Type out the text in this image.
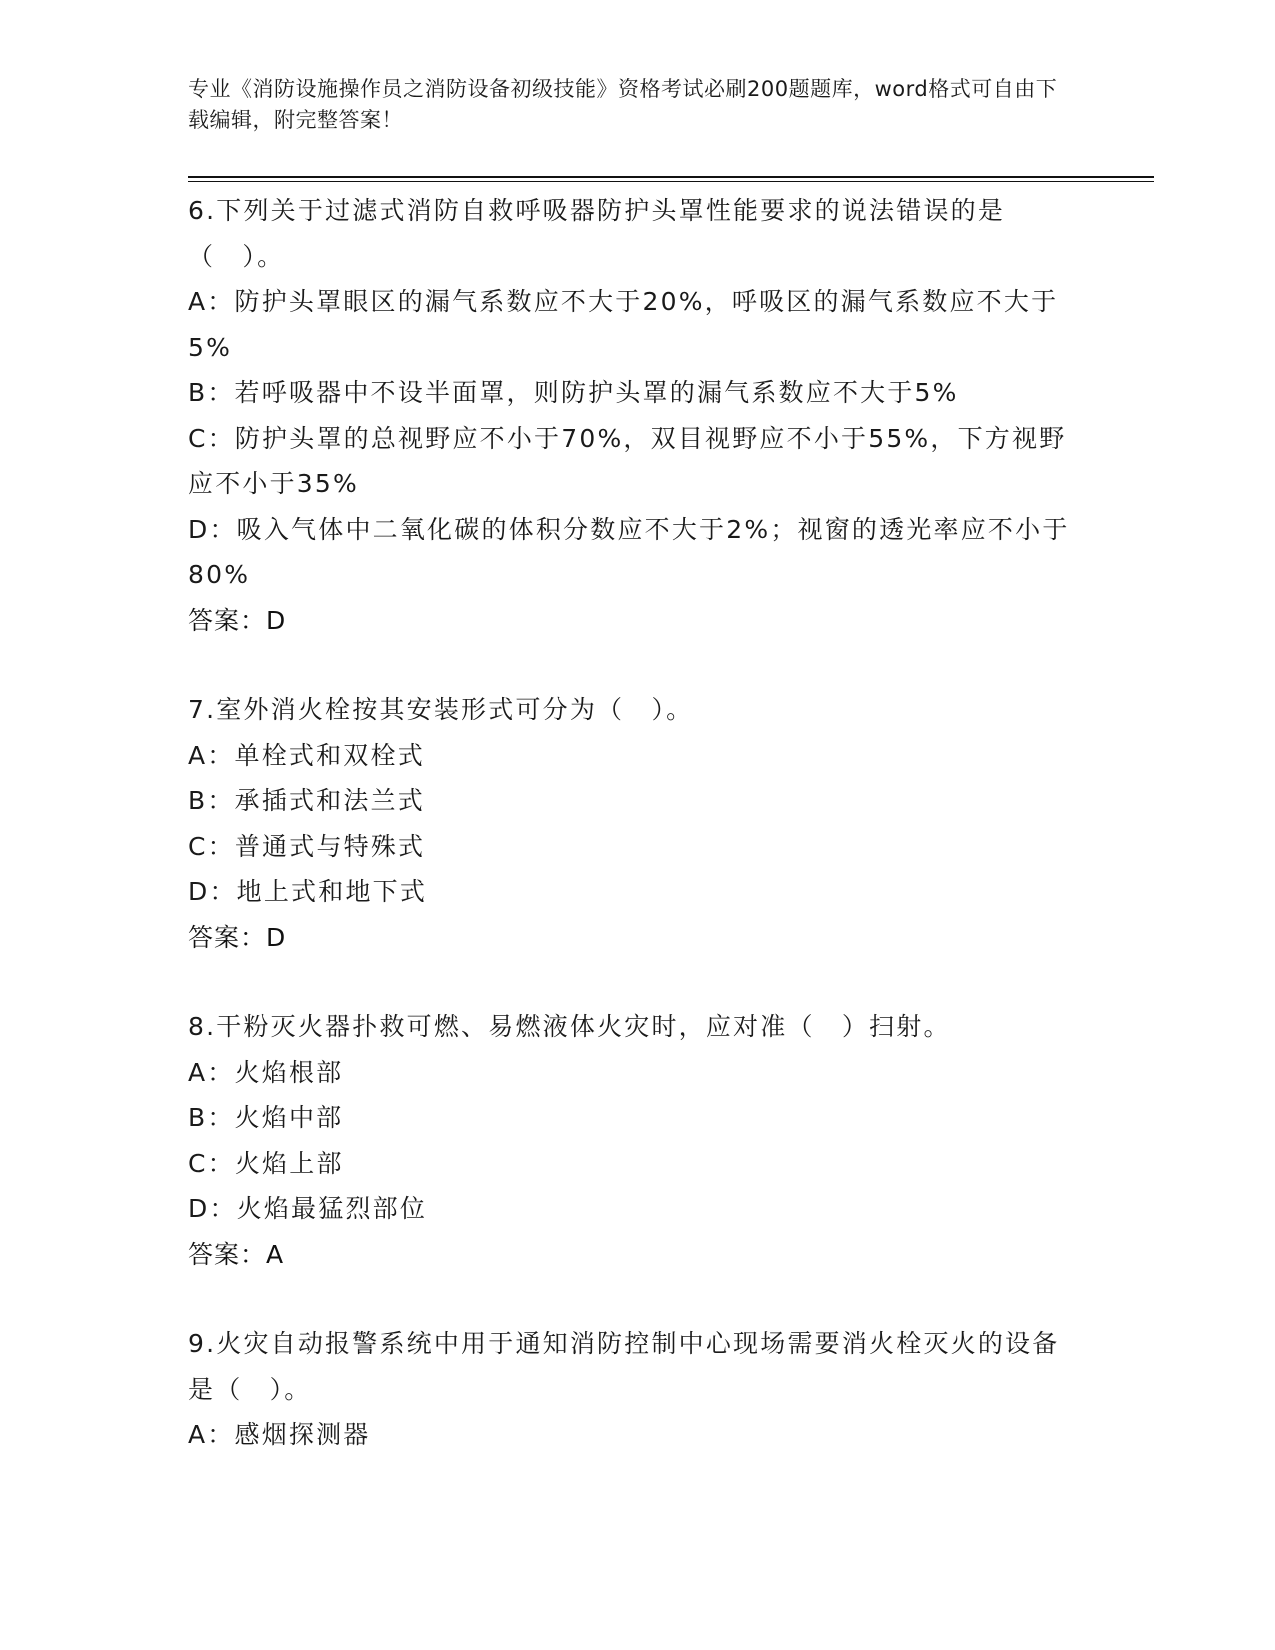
专业《消防设施操作员之消防设备初级技能》资格考试必刷200题题库，word格式可自由下载编辑，附完整答案！

6.下列关于过滤式消防自救呼吸器防护头罩性能要求的说法错误的是（　）。

A：防护头罩眼区的漏气系数应不大于20%，呼吸区的漏气系数应不大于5%

B：若呼吸器中不设半面罩，则防护头罩的漏气系数应不大于5%

C：防护头罩的总视野应不小于70%，双目视野应不小于55%，下方视野应不小于35%

D：吸入气体中二氧化碳的体积分数应不大于2%；视窗的透光率应不小于80%

答案：D

7.室外消火栓按其安装形式可分为（　）。

A：单栓式和双栓式

B：承插式和法兰式

C：普通式与特殊式

D：地上式和地下式

答案：D

8.干粉灭火器扑救可燃、易燃液体火灾时，应对准（　）扫射。

A：火焰根部

B：火焰中部

C：火焰上部

D：火焰最猛烈部位

答案：A

9.火灾自动报警系统中用于通知消防控制中心现场需要消火栓灭火的设备是（　）。

A：感烟探测器
